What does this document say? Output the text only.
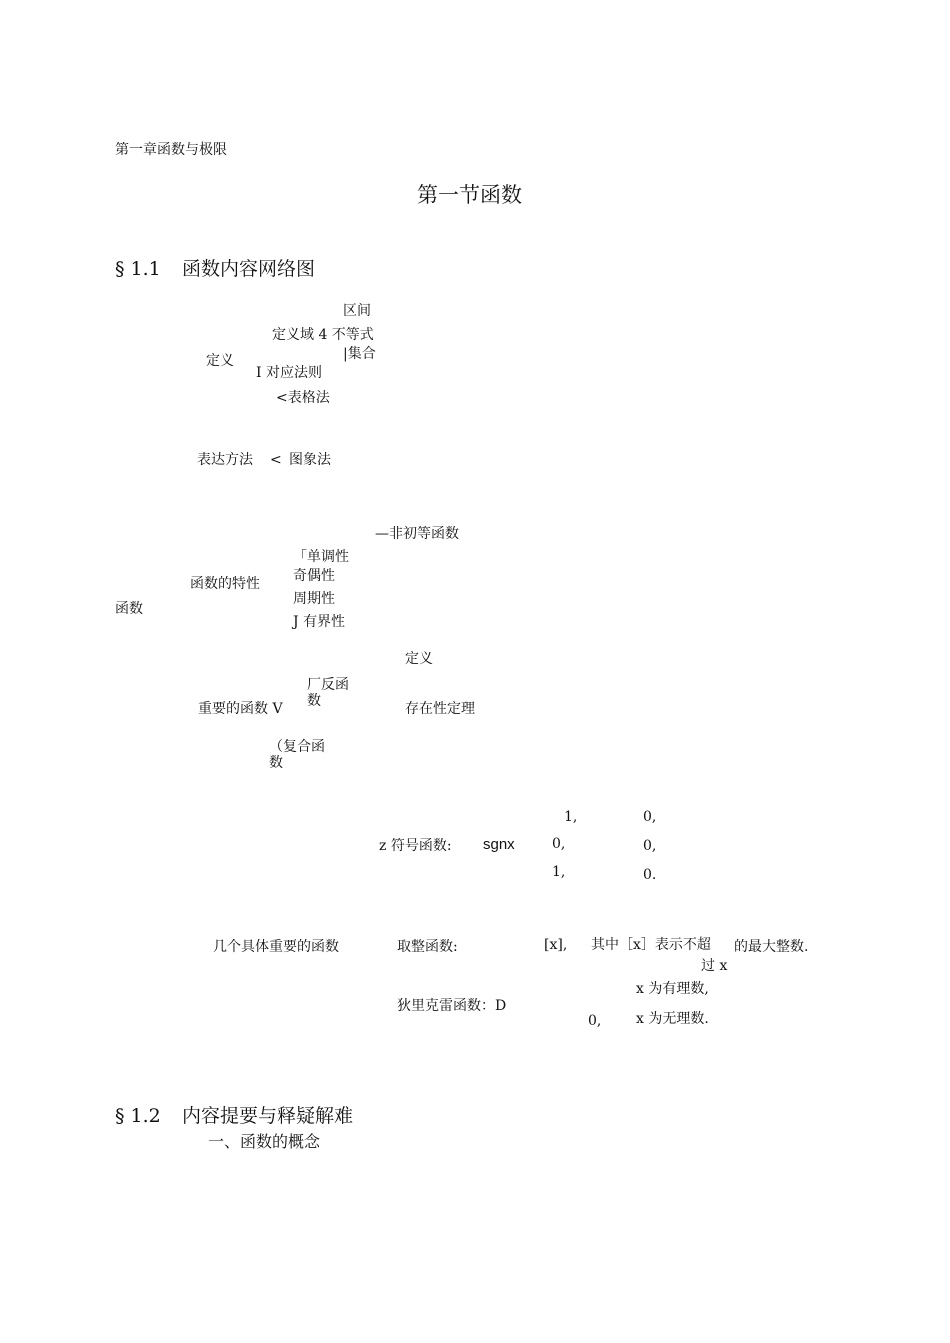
第一章函数与极限
第一节函数
§ 1.1 函数内容网络图
函数
定义
区间
定义域 4 不等式
|集合
I 对应法则
<表格法
表达方法 < 图象法
—非初等函数
函数的特性
「单调性
奇偶性
周期性
J 有界性
定义
厂反函数
重要的函数 V	存在性定理
（复合函数
z 符号函数: sgnx
1,
0,
1,
0,
0,
0.
几个具体重要的函数	取整函数:	[x], 其中［x］表示不超 的最大整数.
过 x
狄里克雷函数：D
x 为有理数,
0, x 为无理数.
§ 1.2 内容提要与释疑解难
一、函数的概念
